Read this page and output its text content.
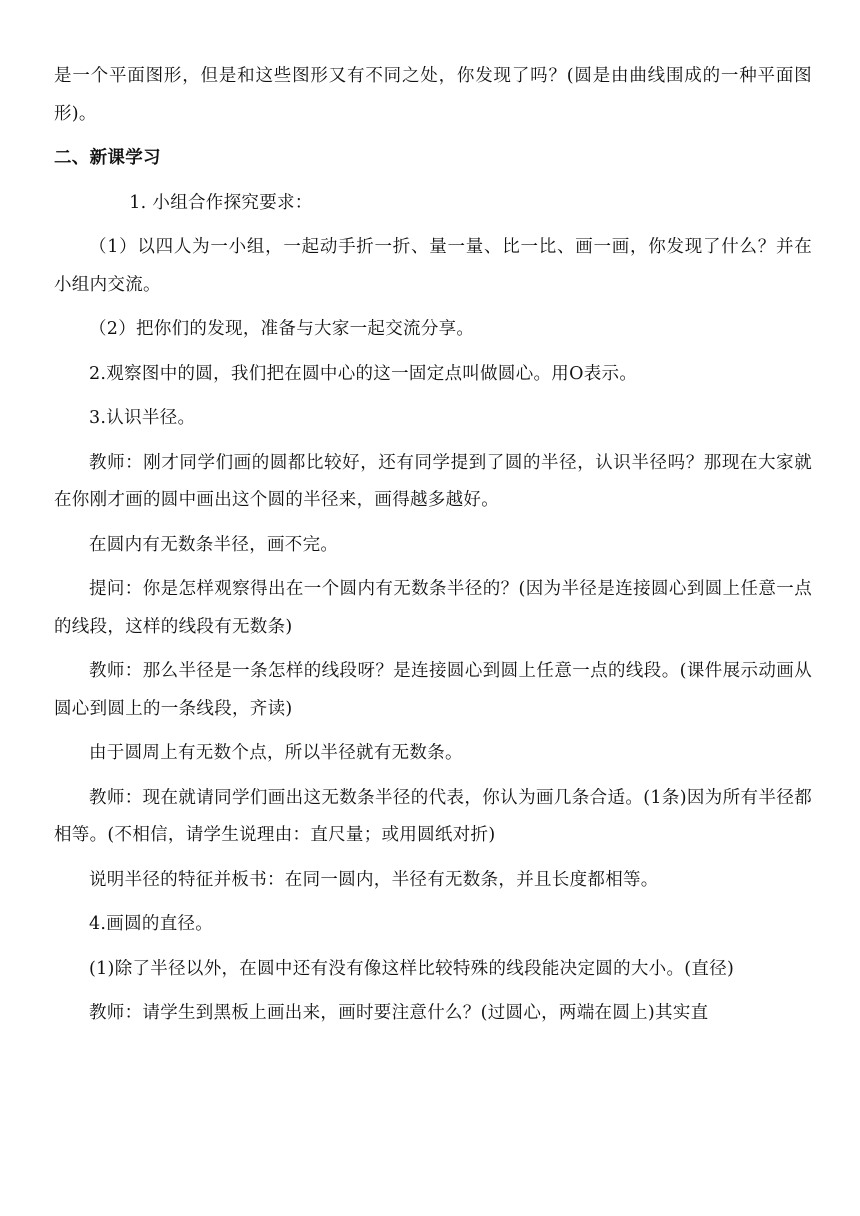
是一个平面图形，但是和这些图形又有不同之处，你发现了吗？(圆是由曲线围成的一种平面图形)。

二、新课学习

1. 小组合作探究要求：

（1）以四人为一小组，一起动手折一折、量一量、比一比、画一画，你发现了什么？并在小组内交流。

（2）把你们的发现，准备与大家一起交流分享。

2.观察图中的圆，我们把在圆中心的这一固定点叫做圆心。用O表示。

3.认识半径。

教师：刚才同学们画的圆都比较好，还有同学提到了圆的半径，认识半径吗？那现在大家就在你刚才画的圆中画出这个圆的半径来，画得越多越好。

在圆内有无数条半径，画不完。

提问：你是怎样观察得出在一个圆内有无数条半径的？(因为半径是连接圆心到圆上任意一点的线段，这样的线段有无数条)

教师：那么半径是一条怎样的线段呀？是连接圆心到圆上任意一点的线段。(课件展示动画从圆心到圆上的一条线段，齐读)

由于圆周上有无数个点，所以半径就有无数条。

教师：现在就请同学们画出这无数条半径的代表，你认为画几条合适。(1条)因为所有半径都相等。(不相信，请学生说理由：直尺量；或用圆纸对折)

说明半径的特征并板书：在同一圆内，半径有无数条，并且长度都相等。

4.画圆的直径。

(1)除了半径以外，在圆中还有没有像这样比较特殊的线段能决定圆的大小。(直径)

教师：请学生到黑板上画出来，画时要注意什么？(过圆心，两端在圆上)其实直
